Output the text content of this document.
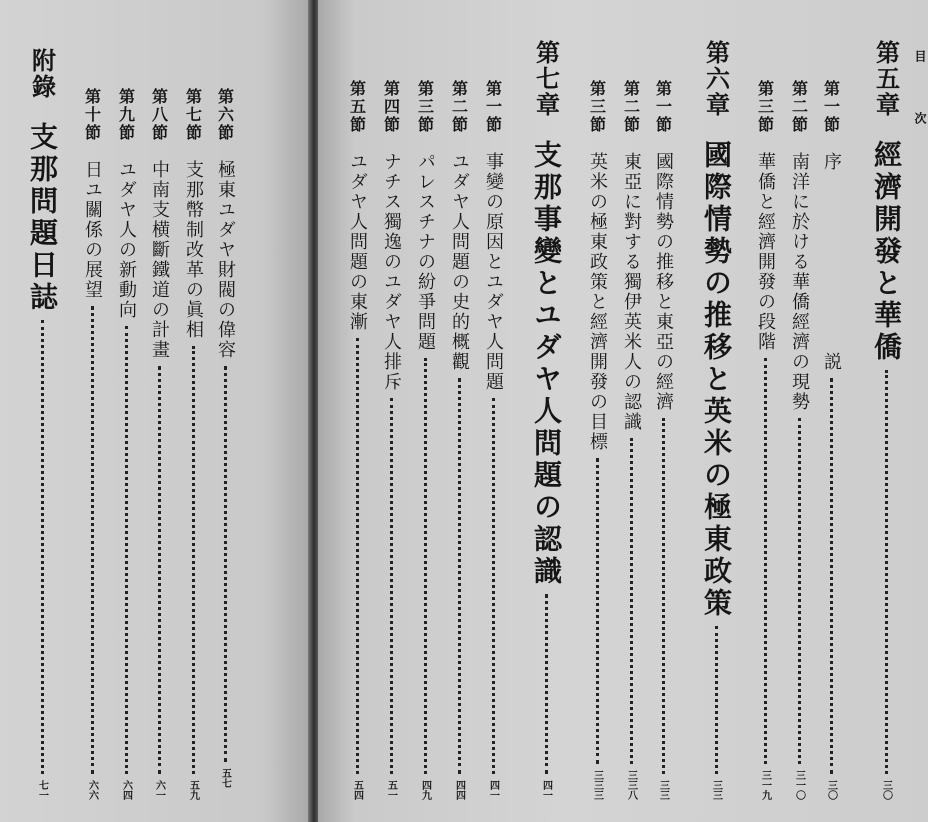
第六節
極東ユダヤ財閥の偉容
五七
第七節
支那幣制改革の眞相
五九
第八節
中南支横斷鐵道の計畫
六一
第九節
ユダヤ人の新動向
六四
第十節
日ユ關係の展望
六六
附錄
支那問題日誌
七一
第五章
經濟開發と華僑
三〇
第一節
序　　　　　　　　　説
三〇
第二節
南洋に於ける華僑經濟の現勢
三一〇
第三節
華僑と經濟開發の段階
三一九
第六章
國際情勢の推移と英米の極東政策
三三
第一節
國際情勢の推移と東亞の經濟
三三
第二節
東亞に對する獨伊英米人の認識
三三八
第三節
英米の極東政策と經濟開發の目標
三三三
第七章
支那事變とユダヤ人問題の認識
四一
第一節
事變の原因とユダヤ人問題
四一
第二節
ユダヤ人問題の史的概觀
四四
第三節
パレスチナの紛爭問題
四九
第四節
ナチス獨逸のユダヤ人排斥
五一
第五節
ユダヤ人問題の東漸
五四
目次
